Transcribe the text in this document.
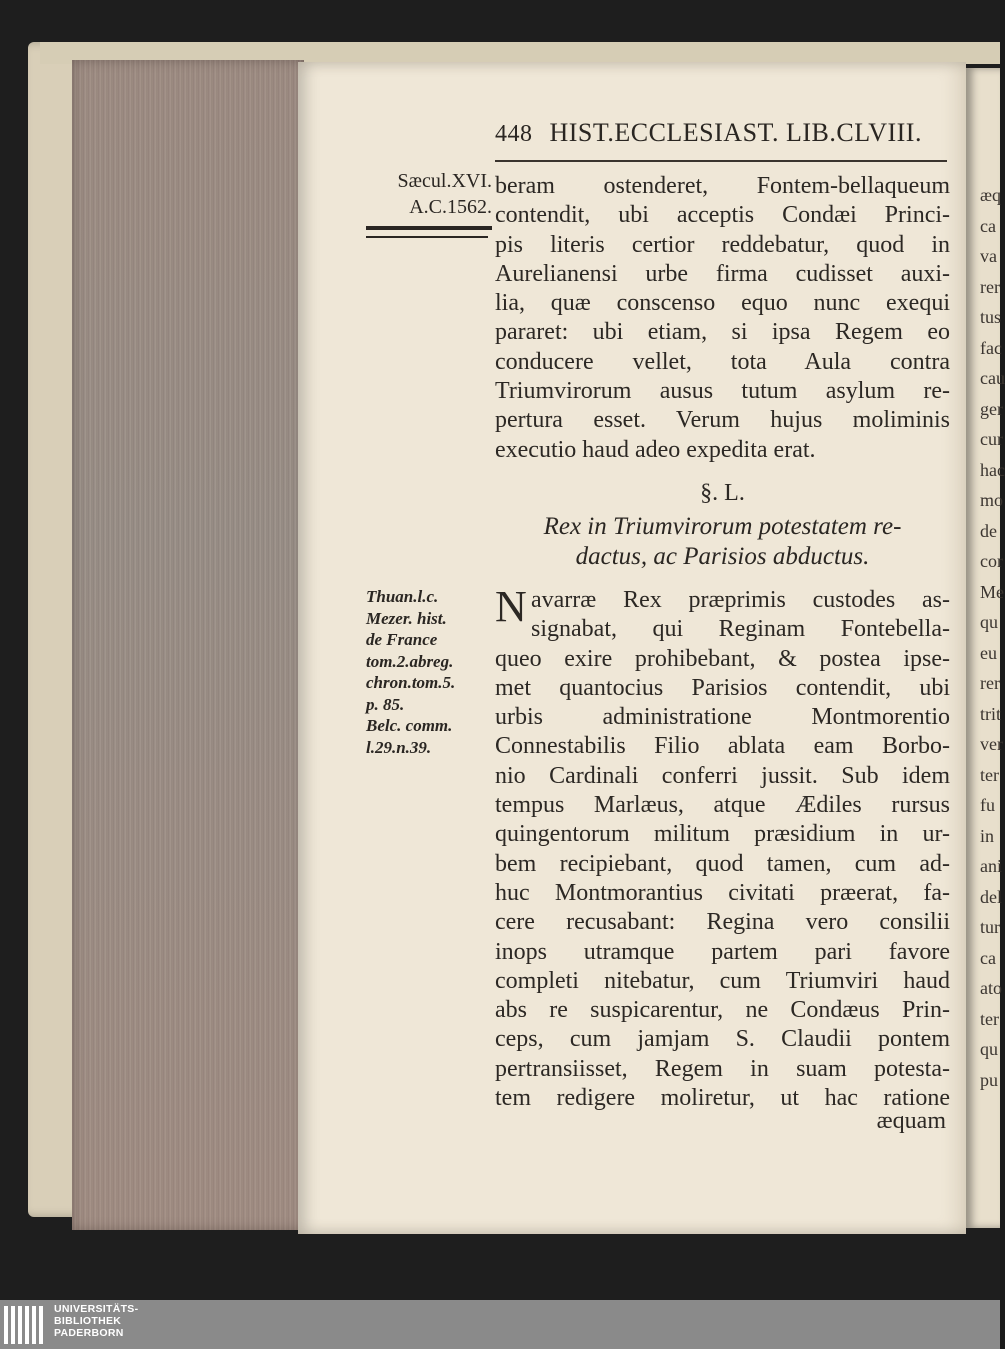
æq
ca
va
rer
tus
fac
cau
ger
cur
hac
mo
de
cor
Me
qu
eu
rer
trit
ver
ter
fu
in
ani
del
tur
ca
ato
ter
qu
pu
448 HIST.ECCLESIAST. LIB.CLVIII.
Sæcul.XVI.
A.C.1562.
beram ostenderet, Fontem-bellaqueum
contendit, ubi acceptis Condæi Princi-
pis literis certior reddebatur, quod in
Aurelianensi urbe firma cudisset auxi-
lia, quæ conscenso equo nunc exequi
pararet: ubi etiam, si ipsa Regem eo
conducere vellet, tota Aula contra
Triumvirorum ausus tutum asylum re-
pertura esset. Verum hujus moliminis
executio haud adeo expedita erat.
§. L.
Rex in Triumvirorum potestatem re-
dactus, ac Parisios abductus.
Thuan.l.c.
Mezer. hist.
de France
tom.2.abreg.
chron.tom.5.
p. 85.
Belc. comm.
l.29.n.39.
N avarræ Rex præprimis custodes as-
signabat, qui Reginam Fontebella-
queo exire prohibebant, & postea ipse-
met quantocius Parisios contendit, ubi
urbis administratione Montmorentio
Connestabilis Filio ablata eam Borbo-
nio Cardinali conferri jussit. Sub idem
tempus Marlæus, atque Ædiles rursus
quingentorum militum præsidium in ur-
bem recipiebant, quod tamen, cum ad-
huc Montmorantius civitati præerat, fa-
cere recusabant: Regina vero consilii
inops utramque partem pari favore
completi nitebatur, cum Triumviri haud
abs re suspicarentur, ne Condæus Prin-
ceps, cum jamjam S. Claudii pontem
pertransiisset, Regem in suam potesta-
tem redigere moliretur, ut hac ratione
æquam
UNIVERSITÄTS-
BIBLIOTHEK
PADERBORN
